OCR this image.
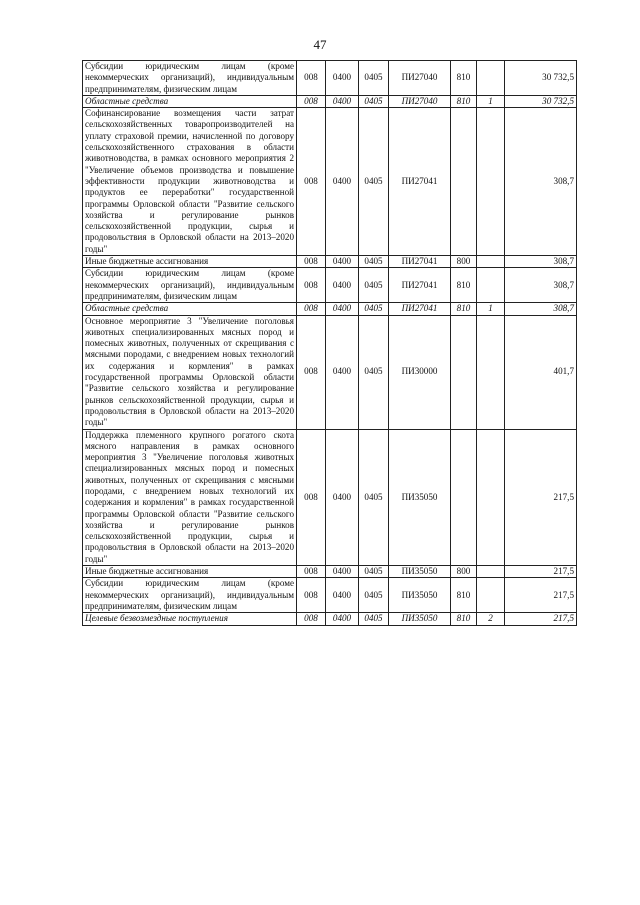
47
Субсидии юридическим лицам (кроме некоммерческих организаций), индивидуальным предпринимателям, физическим лицам	008	0400	0405	ПИ27040	810		30 732,5
Областные средства	008	0400	0405	ПИ27040	810	1	30 732,5
Софинансирование возмещения части затрат сельскохозяйственных товаропроизводителей на уплату страховой премии, начисленной по договору сельскохозяйственного страхования в области животноводства, в рамках основного мероприятия 2 "Увеличение объемов производства и повышение эффективности продукции животноводства и продуктов ее переработки" государственной программы Орловской области "Развитие сельского хозяйства и регулирование рынков сельскохозяйственной продукции, сырья и продовольствия в Орловской области на 2013–2020 годы"	008	0400	0405	ПИ27041			308,7
Иные бюджетные ассигнования	008	0400	0405	ПИ27041	800		308,7
Субсидии юридическим лицам (кроме некоммерческих организаций), индивидуальным предпринимателям, физическим лицам	008	0400	0405	ПИ27041	810		308,7
Областные средства	008	0400	0405	ПИ27041	810	1	308,7
Основное мероприятие 3 "Увеличение поголовья животных специализированных мясных пород и помесных животных, полученных от скрещивания с мясными породами, с внедрением новых технологий их содержания и кормления" в рамках государственной программы Орловской области "Развитие сельского хозяйства и регулирование рынков сельскохозяйственной продукции, сырья и продовольствия в Орловской области на 2013–2020 годы"	008	0400	0405	ПИ30000			401,7
Поддержка племенного крупного рогатого скота мясного направления в рамках основного мероприятия 3 "Увеличение поголовья животных специализированных мясных пород и помесных животных, полученных от скрещивания с мясными породами, с внедрением новых технологий их содержания и кормления" в рамках государственной программы Орловской области "Развитие сельского хозяйства и регулирование рынков сельскохозяйственной продукции, сырья и продовольствия в Орловской области на 2013–2020 годы"	008	0400	0405	ПИ35050			217,5
Иные бюджетные ассигнования	008	0400	0405	ПИ35050	800		217,5
Субсидии юридическим лицам (кроме некоммерческих организаций), индивидуальным предпринимателям, физическим лицам	008	0400	0405	ПИ35050	810		217,5
Целевые безвозмездные поступления	008	0400	0405	ПИ35050	810	2	217,5
